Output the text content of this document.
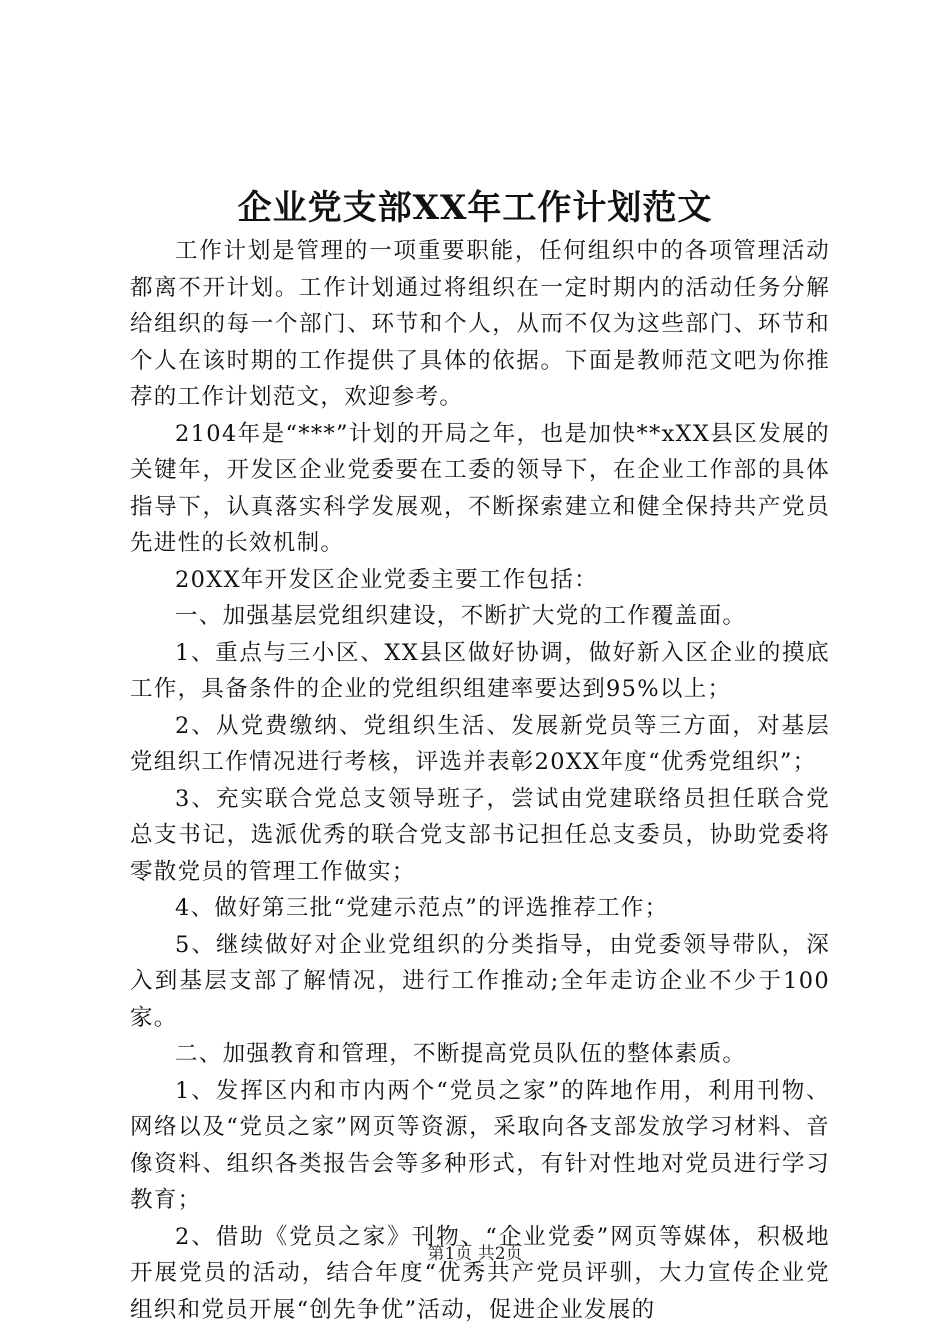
企业党支部XX年工作计划范文

工作计划是管理的一项重要职能，任何组织中的各项管理活动都离不开计划。工作计划通过将组织在一定时期内的活动任务分解给组织的每一个部门、环节和个人，从而不仅为这些部门、环节和个人在该时期的工作提供了具体的依据。下面是教师范文吧为你推荐的工作计划范文，欢迎参考。

2104年是“***”计划的开局之年，也是加快**xXX县区发展的关键年，开发区企业党委要在工委的领导下，在企业工作部的具体指导下，认真落实科学发展观，不断探索建立和健全保持共产党员先进性的长效机制。

20XX年开发区企业党委主要工作包括：

一、加强基层党组织建设，不断扩大党的工作覆盖面。

1、重点与三小区、XX县区做好协调，做好新入区企业的摸底工作，具备条件的企业的党组织组建率要达到95%以上；

2、从党费缴纳、党组织生活、发展新党员等三方面，对基层党组织工作情况进行考核，评选并表彰20XX年度“优秀党组织”；

3、充实联合党总支领导班子，尝试由党建联络员担任联合党总支书记，选派优秀的联合党支部书记担任总支委员，协助党委将零散党员的管理工作做实；

4、做好第三批“党建示范点”的评选推荐工作；

5、继续做好对企业党组织的分类指导，由党委领导带队，深入到基层支部了解情况，进行工作推动;全年走访企业不少于100家。

二、加强教育和管理，不断提高党员队伍的整体素质。

1、发挥区内和市内两个“党员之家”的阵地作用，利用刊物、网络以及“党员之家”网页等资源，采取向各支部发放学习材料、音像资料、组织各类报告会等多种形式，有针对性地对党员进行学习教育；

2、借助《党员之家》刊物、“企业党委”网页等媒体，积极地开展党员的活动，结合年度“优秀共产党员评驯，大力宣传企业党组织和党员开展“创先争优”活动，促进企业发展的

第1页 共2页
